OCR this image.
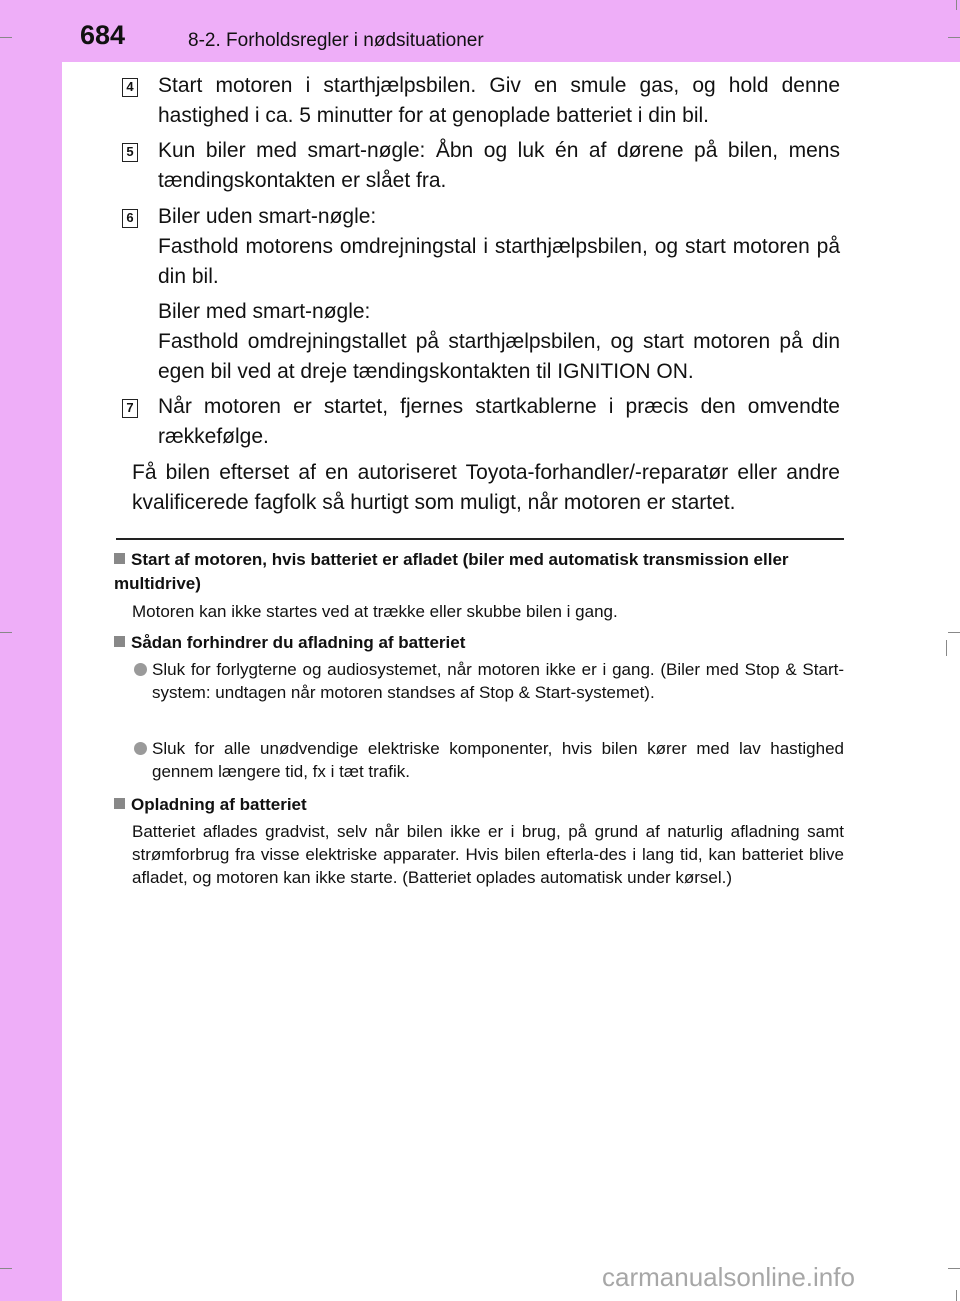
684	8-2. Forholdsregler i nødsituationer
4 Start motoren i starthjælpsbilen. Giv en smule gas, og hold denne hastighed i ca. 5 minutter for at genoplade batteriet i din bil.
5 Kun biler med smart-nøgle: Åbn og luk én af dørene på bilen, mens tændingskontakten er slået fra.
6 Biler uden smart-nøgle:
Fasthold motorens omdrejningstal i starthjælpsbilen, og start motoren på din bil.
Biler med smart-nøgle:
Fasthold omdrejningstallet på starthjælpsbilen, og start motoren på din egen bil ved at dreje tændingskontakten til IGNITION ON.
7 Når motoren er startet, fjernes startkablerne i præcis den omvendte rækkefølge.
Få bilen efterset af en autoriseret Toyota-forhandler/-reparatør eller andre kvalificerede fagfolk så hurtigt som muligt, når motoren er startet.
Start af motoren, hvis batteriet er afladet (biler med automatisk transmission eller multidrive)
Motoren kan ikke startes ved at trække eller skubbe bilen i gang.
Sådan forhindrer du afladning af batteriet
Sluk for forlygterne og audiosystemet, når motoren ikke er i gang. (Biler med Stop & Start-system: undtagen når motoren standses af Stop & Start-systemet).
Sluk for alle unødvendige elektriske komponenter, hvis bilen kører med lav hastighed gennem længere tid, fx i tæt trafik.
Opladning af batteriet
Batteriet aflades gradvist, selv når bilen ikke er i brug, på grund af naturlig afladning samt strømforbrug fra visse elektriske apparater. Hvis bilen efterla-des i lang tid, kan batteriet blive afladet, og motoren kan ikke starte. (Batteriet oplades automatisk under kørsel.)
carmanualsonline.info
